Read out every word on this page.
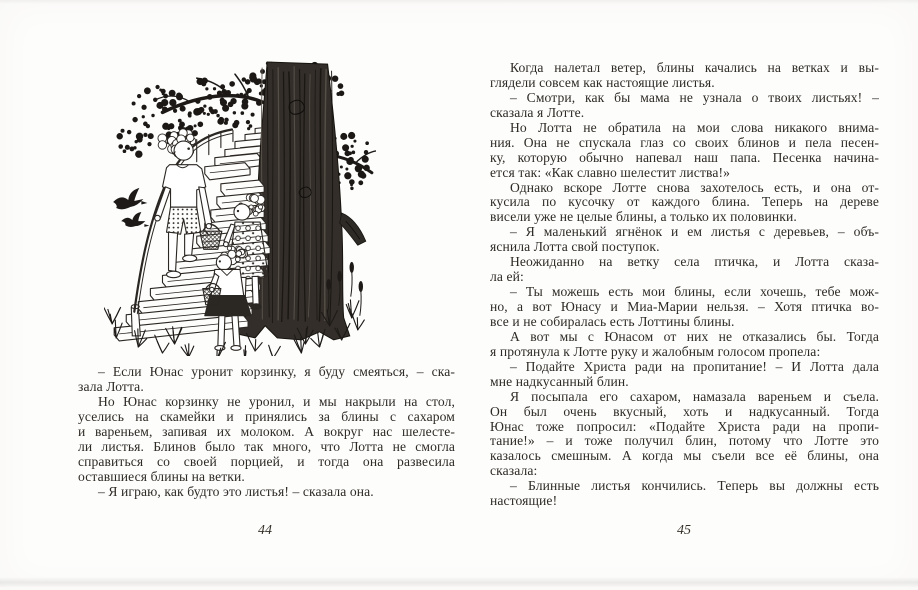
– Если Юнас уронит корзинку, я буду смеяться, – ска-
зала Лотта.
Но Юнас корзинку не уронил, и мы накрыли на стол,
уселись на скамейки и принялись за блины с сахаром
и вареньем, запивая их молоком. А вокруг нас шелесте-
ли листья. Блинов было так много, что Лотта не смогла
справиться со своей порцией, и тогда она развесила
оставшиеся блины на ветки.
– Я играю, как будто это листья! – сказала она.
Когда налетал ветер, блины качались на ветках и вы-
глядели совсем как настоящие листья.
– Смотри, как бы мама не узнала о твоих листьях! –
сказала я Лотте.
Но Лотта не обратила на мои слова никакого внима-
ния. Она не спускала глаз со своих блинов и пела песен-
ку, которую обычно напевал наш папа. Песенка начина-
ется так: «Как славно шелестит листва!»
Однако вскоре Лотте снова захотелось есть, и она от-
кусила по кусочку от каждого блина. Теперь на дереве
висели уже не целые блины, а только их половинки.
– Я маленький ягнёнок и ем листья с деревьев, – объ-
яснила Лотта свой поступок.
Неожиданно на ветку села птичка, и Лотта сказа-
ла ей:
– Ты можешь есть мои блины, если хочешь, тебе мож-
но, а вот Юнасу и Миа-Марии нельзя. – Хотя птичка во-
все и не собиралась есть Лоттины блины.
А вот мы с Юнасом от них не отказались бы. Тогда
я протянула к Лотте руку и жалобным голосом пропела:
– Подайте Христа ради на пропитание! – И Лотта дала
мне надкусанный блин.
Я посыпала его сахаром, намазала вареньем и съела.
Он был очень вкусный, хоть и надкусанный. Тогда
Юнас тоже попросил: «Подайте Христа ради на пропи-
тание!» – и тоже получил блин, потому что Лотте это
казалось смешным. А когда мы съели все её блины, она
сказала:
– Блинные листья кончились. Теперь вы должны есть
настоящие!
44	45
